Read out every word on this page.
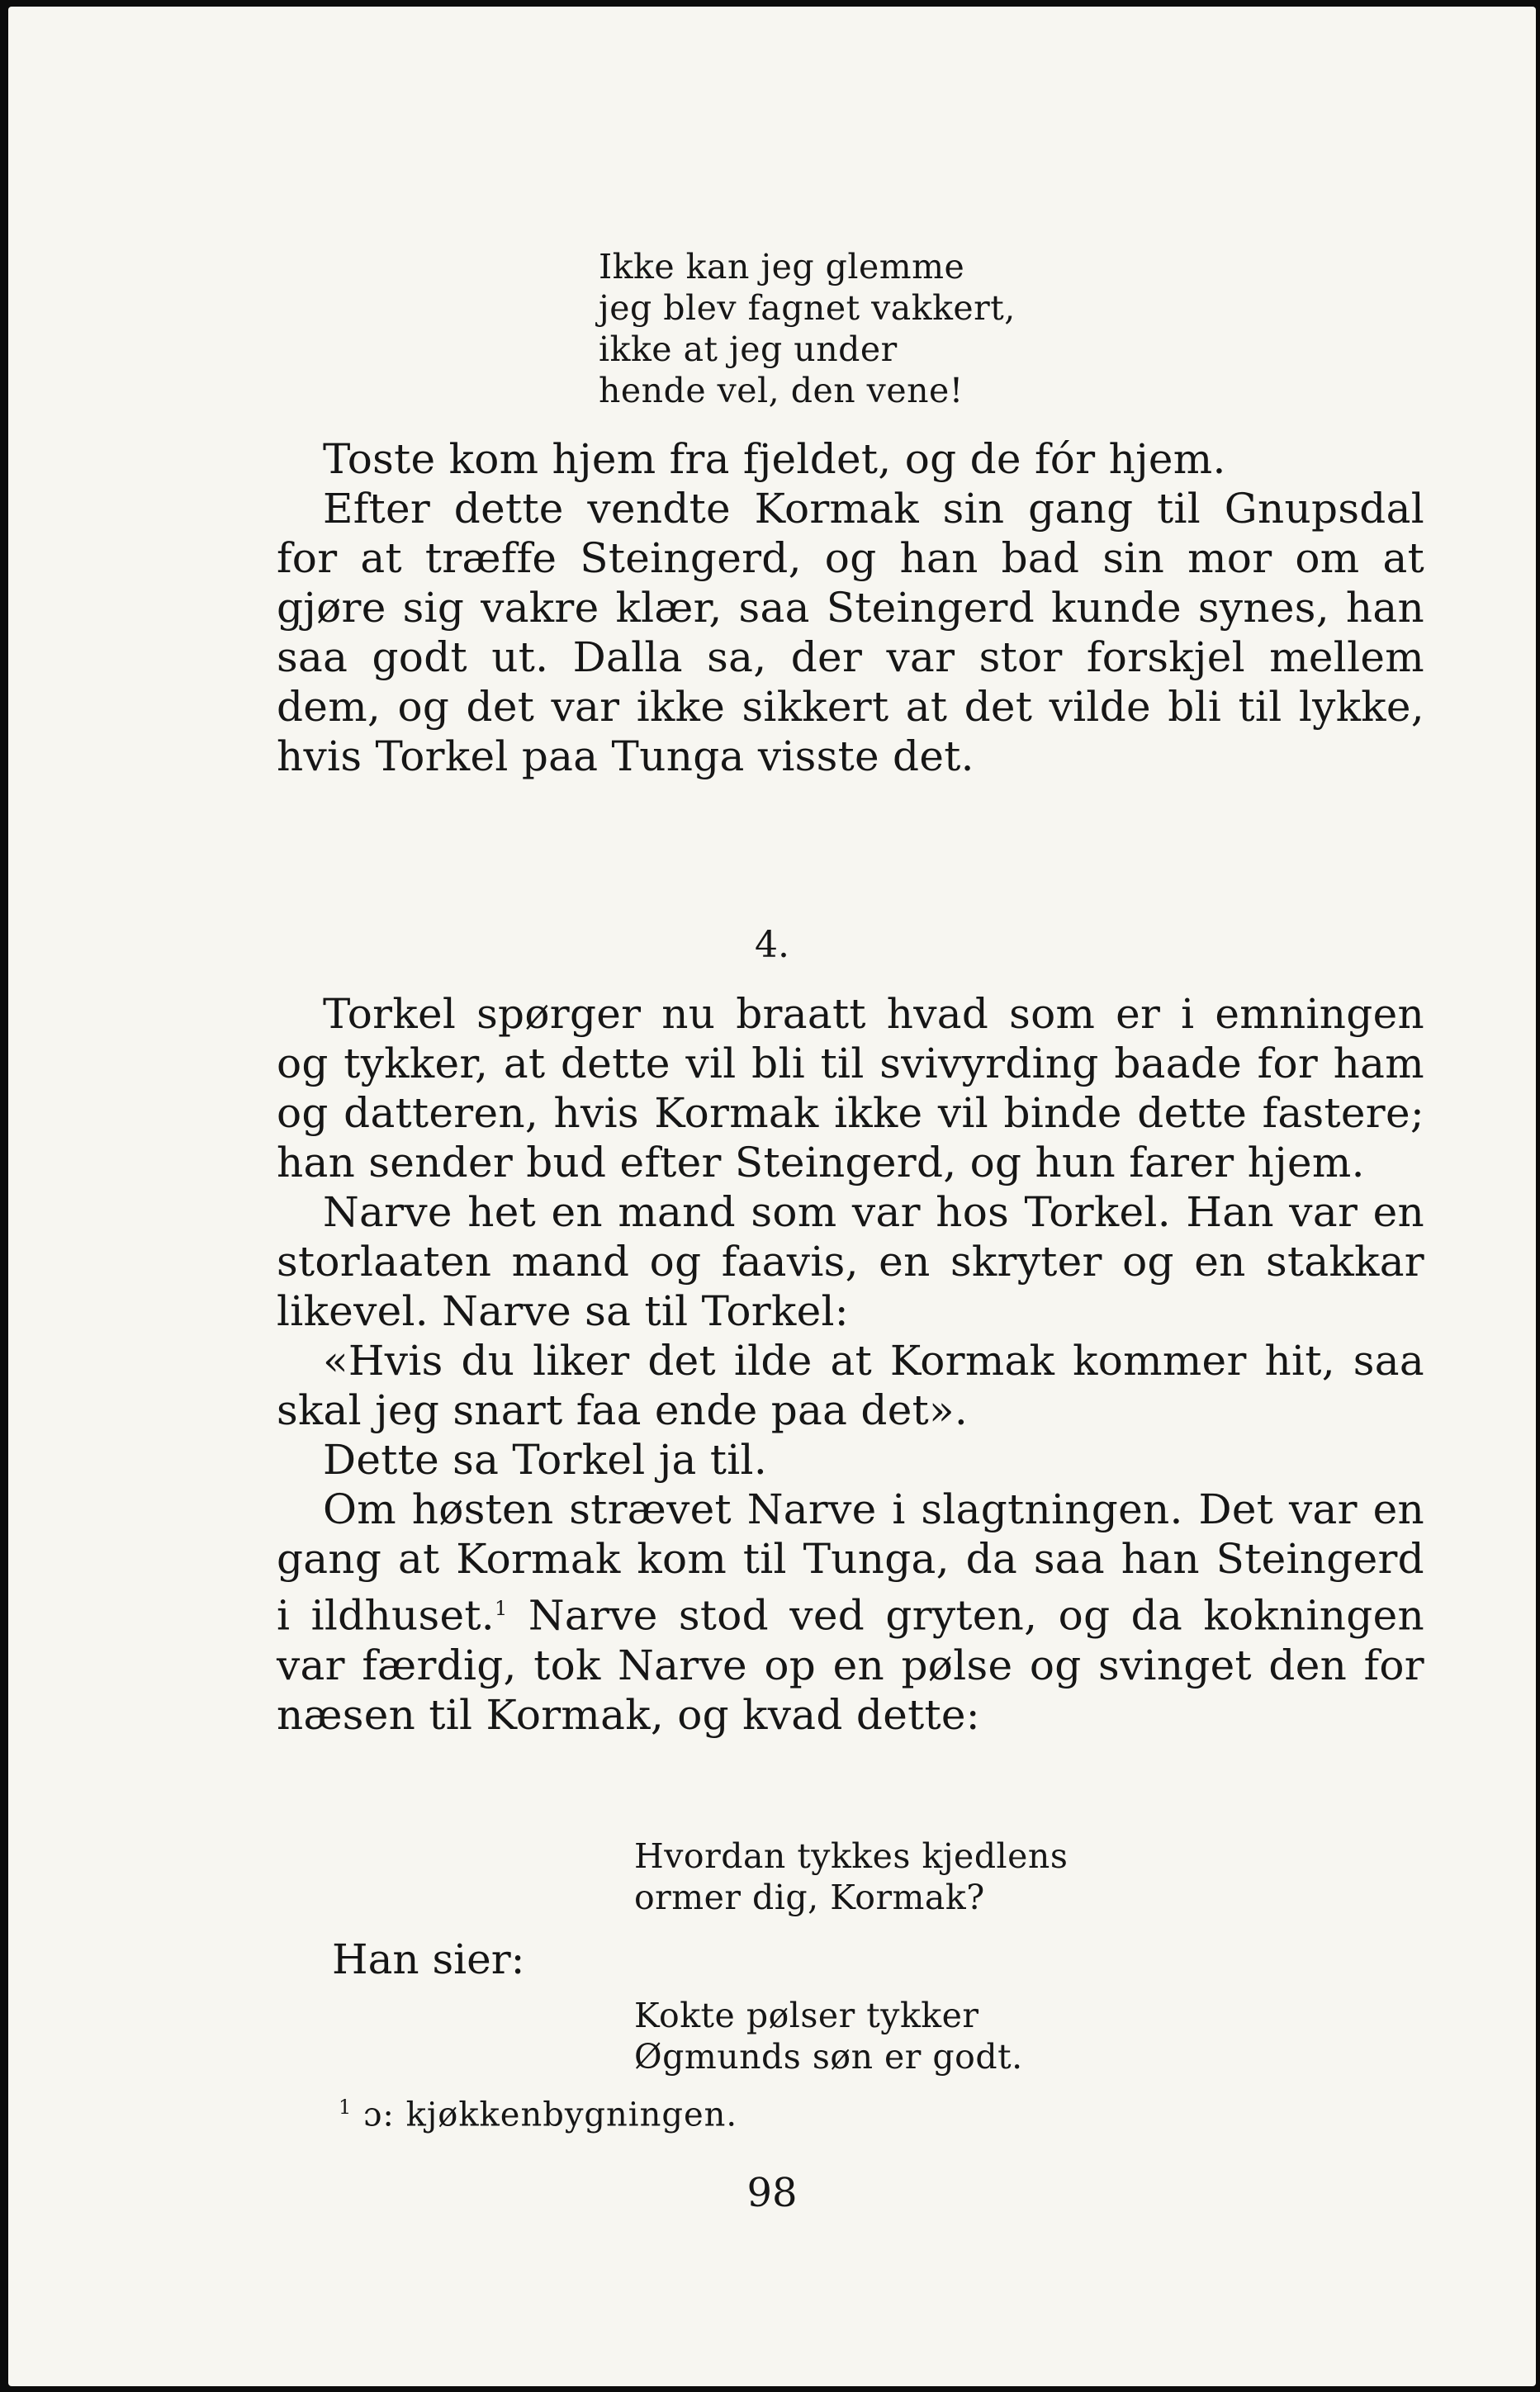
Ikke kan jeg glemme
jeg blev fagnet vakkert,
ikke at jeg under
hende vel, den vene!

Toste kom hjem fra fjeldet, og de fór hjem.

Efter dette vendte Kormak sin gang til Gnupsdal for at træffe Steingerd, og han bad sin mor om at gjøre sig vakre klær, saa Steingerd kunde synes, han saa godt ut. Dalla sa, der var stor forskjel mellem dem, og det var ikke sikkert at det vilde bli til lykke, hvis Torkel paa Tunga visste det.

4.

Torkel spørger nu braatt hvad som er i emningen og tykker, at dette vil bli til svivyrding baade for ham og datteren, hvis Kormak ikke vil binde dette fastere; han sender bud efter Steingerd, og hun farer hjem.

Narve het en mand som var hos Torkel. Han var en storlaaten mand og faavis, en skryter og en stakkar likevel. Narve sa til Torkel:

«Hvis du liker det ilde at Kormak kommer hit, saa skal jeg snart faa ende paa det».

Dette sa Torkel ja til.

Om høsten strævet Narve i slagtningen. Det var en gang at Kormak kom til Tunga, da saa han Steingerd i ildhuset.$^1$ Narve stod ved gryten, og da kokningen var færdig, tok Narve op en pølse og svinget den for næsen til Kormak, og kvad dette:

Hvordan tykkes kjedlens
ormer dig, Kormak?
Han sier:
Kokte pølser tykker
Øgmunds søn er godt.
$^1$ ɔ: kjøkkenbygningen.
98
